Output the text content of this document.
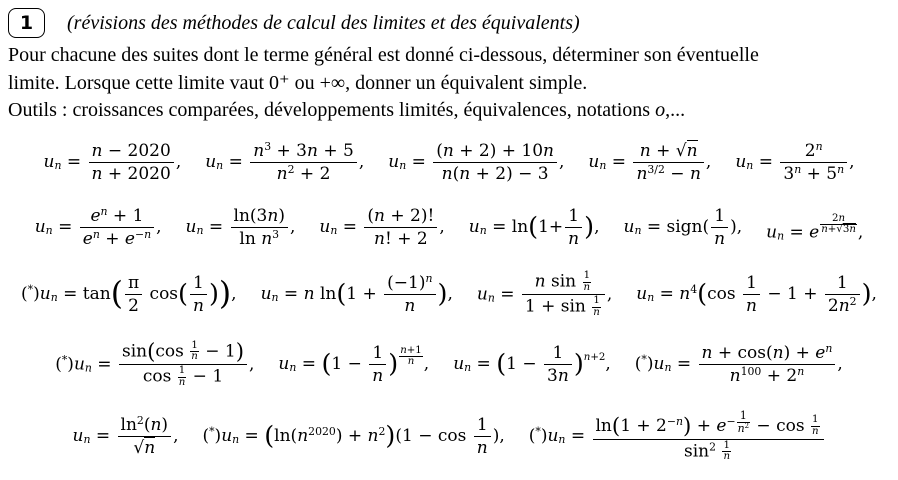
1 (révisions des méthodes de calcul des limites et des équivalents)
Pour chacune des suites dont le terme général est donné ci-dessous, déterminer son éventuelle
limite. Lorsque cette limite vaut 0⁺ ou +∞, donner un équivalent simple.
Outils : croissances comparées, développements limités, équivalences, notations o,...
$u_n = \frac{n - 2020}{n + 2020}$ , $u_n = \frac{n^3 + 3n + 5}{n^2 + 2}$ , $u_n = \frac{(n + 2) + 10n}{n(n + 2) - 3}$ , $u_n = \frac{n + √n}{n^{3/2} - n}$ , $u_n = \frac{2^n}{3^n + 5^n}$ ,
$u_n = \frac{e^n + 1}{e^n + e^{-n}}$ , $u_n = \frac{\ln(3n)}{\ln n^3}$ , $u_n = \frac{(n + 2)!}{n! + 2}$ , $u_n = \ln(1+ \frac{1}{n}$ ), $u_n$ = sign( $\frac{1}{n}$ ), $u_n = e$ $^{\frac{2n}{n+√3n}}$ ,
$(^*)u_n = \tan( \frac{\pi}{2} \cos( \frac{1}{n}$ )), $u_n = n$ $\ln(1 + \frac{(-1)^n}{n}$ ), $u_n = \frac{n \sin \frac{1}{n}}{1 + \sin \frac{1}{n}}$ , $u_n = n^4(\cos \frac{1}{n} - 1 + \frac{1}{2n^2}$ ),
$(^*)u_n = \frac{\sin(\cos \frac{1}{n} - 1)}{\cos \frac{1}{n} - 1}$ , $u_n = (1 - \frac{1}{n}$ ) $^{\frac{n+1}{n}}$ , $u_n = (1 - \frac{1}{3n} )^{n+2}$, $(^*)u_n = \frac{n + \cos(n) + e^n}{n^{100} + 2^n}$ ,
$u_n = \frac{\ln^2(n)}{√n}$ , $(^*)u_n = (\ln(n^{2020}) + n^2)(1 - \cos \frac{1}{n}$ ), $(^*)u_n = \ln(1 + 2^{-n}) + e^{- \frac{1}{n^2}} - \cos \frac{1}{n}$
$\sin^2 \frac{1}{n}$
